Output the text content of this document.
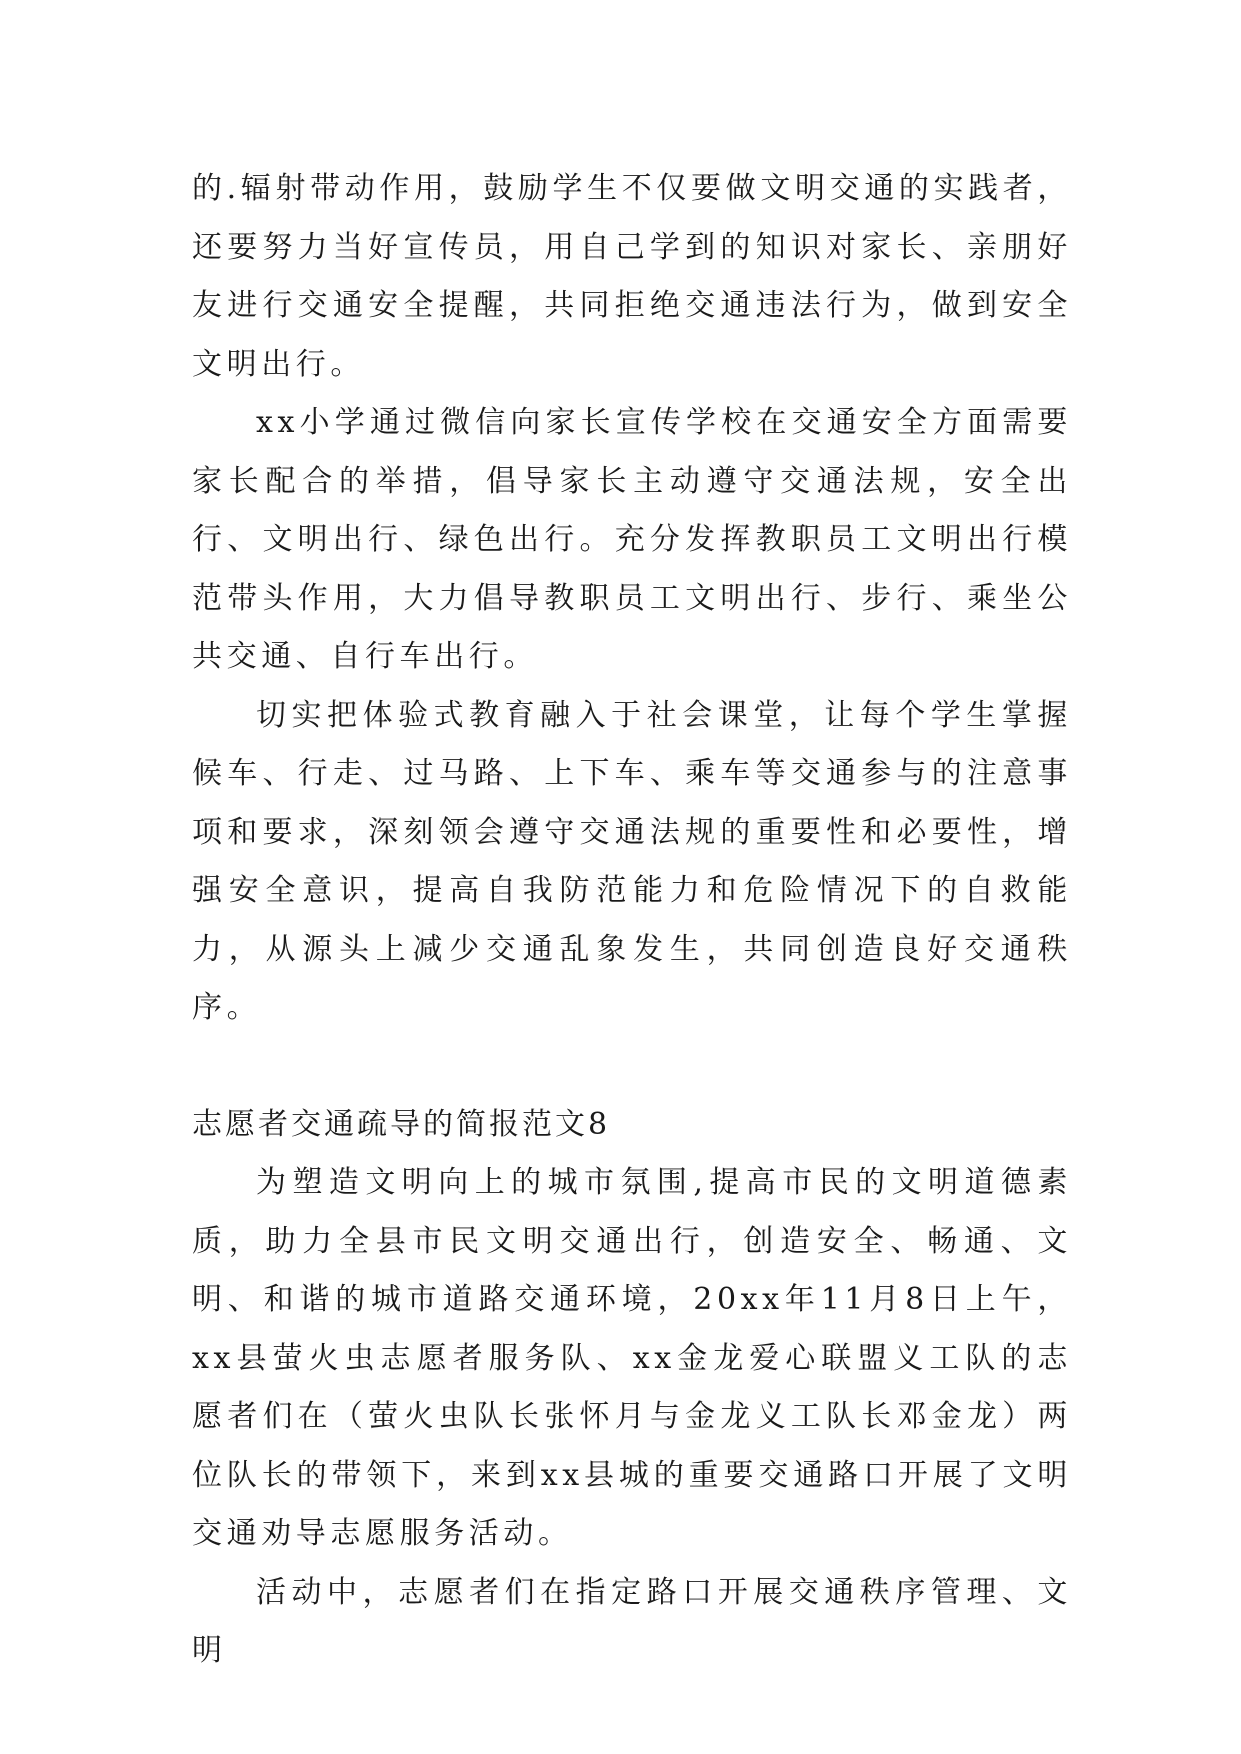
的.辐射带动作用，鼓励学生不仅要做文明交通的实践者，还要努力当好宣传员，用自己学到的知识对家长、亲朋好友进行交通安全提醒，共同拒绝交通违法行为，做到安全文明出行。

xx小学通过微信向家长宣传学校在交通安全方面需要家长配合的举措，倡导家长主动遵守交通法规，安全出行、文明出行、绿色出行。充分发挥教职员工文明出行模范带头作用，大力倡导教职员工文明出行、步行、乘坐公共交通、自行车出行。

切实把体验式教育融入于社会课堂，让每个学生掌握候车、行走、过马路、上下车、乘车等交通参与的注意事项和要求，深刻领会遵守交通法规的重要性和必要性，增强安全意识，提高自我防范能力和危险情况下的自救能力，从源头上减少交通乱象发生，共同创造良好交通秩序。

志愿者交通疏导的简报范文8

为塑造文明向上的城市氛围,提高市民的文明道德素质，助力全县市民文明交通出行，创造安全、畅通、文明、和谐的城市道路交通环境，20xx年11月8日上午，xx县萤火虫志愿者服务队、xx金龙爱心联盟义工队的志愿者们在（萤火虫队长张怀月与金龙义工队长邓金龙）两位队长的带领下，来到xx县城的重要交通路口开展了文明交通劝导志愿服务活动。

活动中，志愿者们在指定路口开展交通秩序管理、文明
